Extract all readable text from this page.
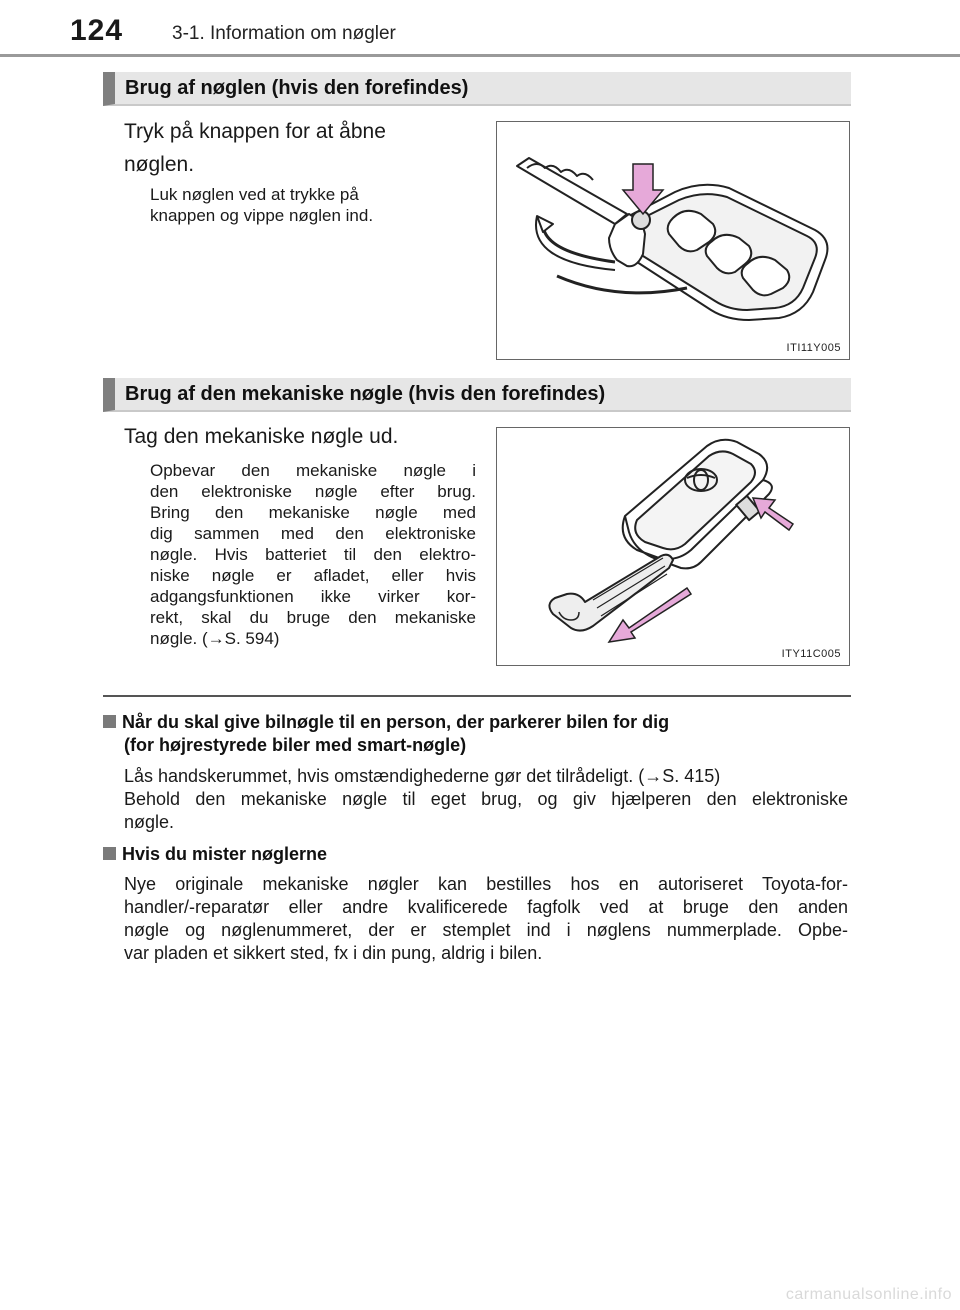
124	3-1. Information om nøgler
Brug af nøglen (hvis den forefindes)
Tryk på knappen for at åbne
nøglen.
Luk nøglen ved at trykke på
knappen og vippe nøglen ind.
ITI11Y005
Brug af den mekaniske nøgle (hvis den forefindes)
Tag den mekaniske nøgle ud.
Opbevar den mekaniske nøgle i
den elektroniske nøgle efter brug.
Bring den mekaniske nøgle med
dig sammen med den elektroniske
nøgle. Hvis batteriet til den elektro-
niske nøgle er afladet, eller hvis
adgangsfunktionen ikke virker kor-
rekt, skal du bruge den mekaniske
nøgle. (→S. 594)
ITY11C005
Når du skal give bilnøgle til en person, der parkerer bilen for dig
(for højrestyrede biler med smart-nøgle)
Lås handskerummet, hvis omstændighederne gør det tilrådeligt. (→S. 415)
Behold den mekaniske nøgle til eget brug, og giv hjælperen den elektroniske
nøgle.
Hvis du mister nøglerne
Nye originale mekaniske nøgler kan bestilles hos en autoriseret Toyota-for-
handler/-reparatør eller andre kvalificerede fagfolk ved at bruge den anden
nøgle og nøglenummeret, der er stemplet ind i nøglens nummerplade. Opbe-
var pladen et sikkert sted, fx i din pung, aldrig i bilen.
carmanualsonline.info
